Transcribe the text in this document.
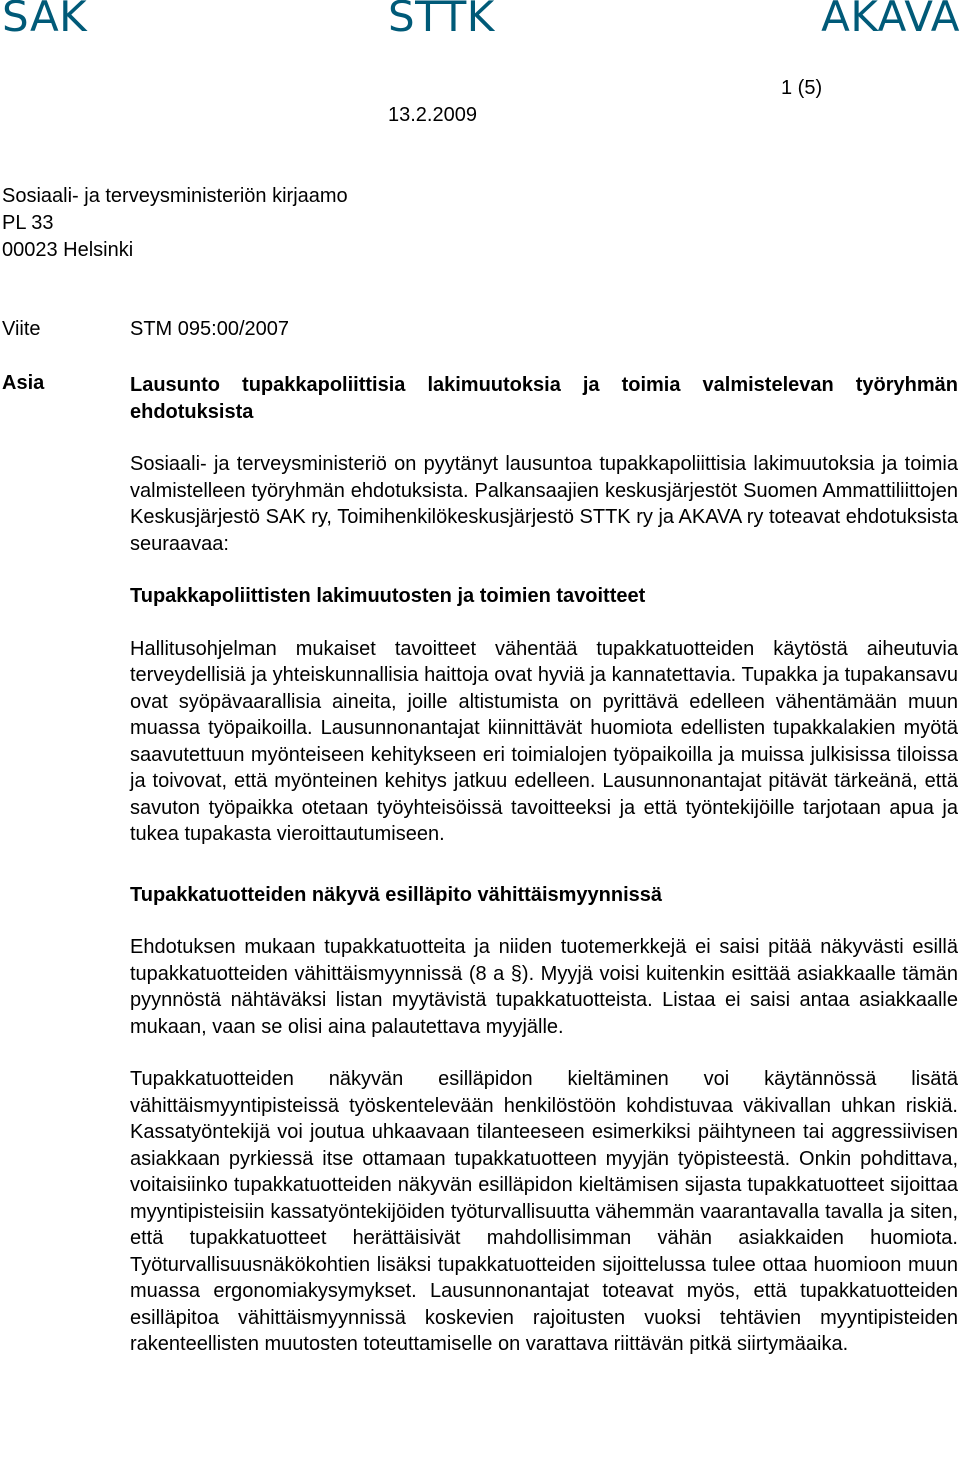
SAK	STTK	AKAVA
1 (5)
13.2.2009
Sosiaali- ja terveysministeriön kirjaamo
PL 33
00023 Helsinki
Viite	STM 095:00/2007
Asia	Lausunto tupakkapoliittisia lakimuutoksia ja toimia valmistelevan työryhmän ehdotuksista

Sosiaali- ja terveysministeriö on pyytänyt lausuntoa tupakkapoliittisia lakimuutoksia ja toimia valmistelleen työryhmän ehdotuksista. Palkansaajien keskusjärjestöt Suomen Ammattiliittojen Keskusjärjestö SAK ry, Toimihenkilökeskusjärjestö STTK ry ja AKAVA ry toteavat ehdotuksista seuraavaa:

Tupakkapoliittisten lakimuutosten ja toimien tavoitteet

Hallitusohjelman mukaiset tavoitteet vähentää tupakkatuotteiden käytöstä aiheutuvia terveydellisiä ja yhteiskunnallisia haittoja ovat hyviä ja kannatettavia. Tupakka ja tupakansavu ovat syöpävaarallisia aineita, joille altistumista on pyrittävä edelleen vähentämään muun muassa työpaikoilla. Lausunnonantajat kiinnittävät huomiota edellisten tupakkalakien myötä saavutettuun myönteiseen kehitykseen eri toimialojen työpaikoilla ja muissa julkisissa tiloissa ja toivovat, että myönteinen kehitys jatkuu edelleen. Lausunnonantajat pitävät tärkeänä, että savuton työpaikka otetaan työyhteisöissä tavoitteeksi ja että työntekijöille tarjotaan apua ja tukea tupakasta vieroittautumiseen.

Tupakkatuotteiden näkyvä esilläpito vähittäismyynnissä

Ehdotuksen mukaan tupakkatuotteita ja niiden tuotemerkkejä ei saisi pitää näkyvästi esillä tupakkatuotteiden vähittäismyynnissä (8 a §). Myyjä voisi kuitenkin esittää asiakkaalle tämän pyynnöstä nähtäväksi listan myytävistä tupakkatuotteista. Listaa ei saisi antaa asiakkaalle mukaan, vaan se olisi aina palautettava myyjälle.

Tupakkatuotteiden näkyvän esilläpidon kieltäminen voi käytännössä lisätä vähittäismyyntipisteissä työskentelevään henkilöstöön kohdistuvaa väkivallan uhkan riskiä. Kassatyöntekijä voi joutua uhkaavaan tilanteeseen esimerkiksi päihtyneen tai aggressiivisen asiakkaan pyrkiessä itse ottamaan tupakkatuotteen myyjän työpisteestä. Onkin pohdittava, voitaisiinko tupakkatuotteiden näkyvän esilläpidon kieltämisen sijasta tupakkatuotteet sijoittaa myyntipisteisiin kassatyöntekijöiden työturvallisuutta vähemmän vaarantavalla tavalla ja siten, että tupakkatuotteet herättäisivät mahdollisimman vähän asiakkaiden huomiota. Työturvallisuusnäkökohtien lisäksi tupakkatuotteiden sijoittelussa tulee ottaa huomioon muun muassa ergonomiakysymykset. Lausunnonantajat toteavat myös, että tupakkatuotteiden esilläpitoa vähittäismyynnissä koskevien rajoitusten vuoksi tehtävien myyntipisteiden rakenteellisten muutosten toteuttamiselle on varattava riittävän pitkä siirtymäaika.
